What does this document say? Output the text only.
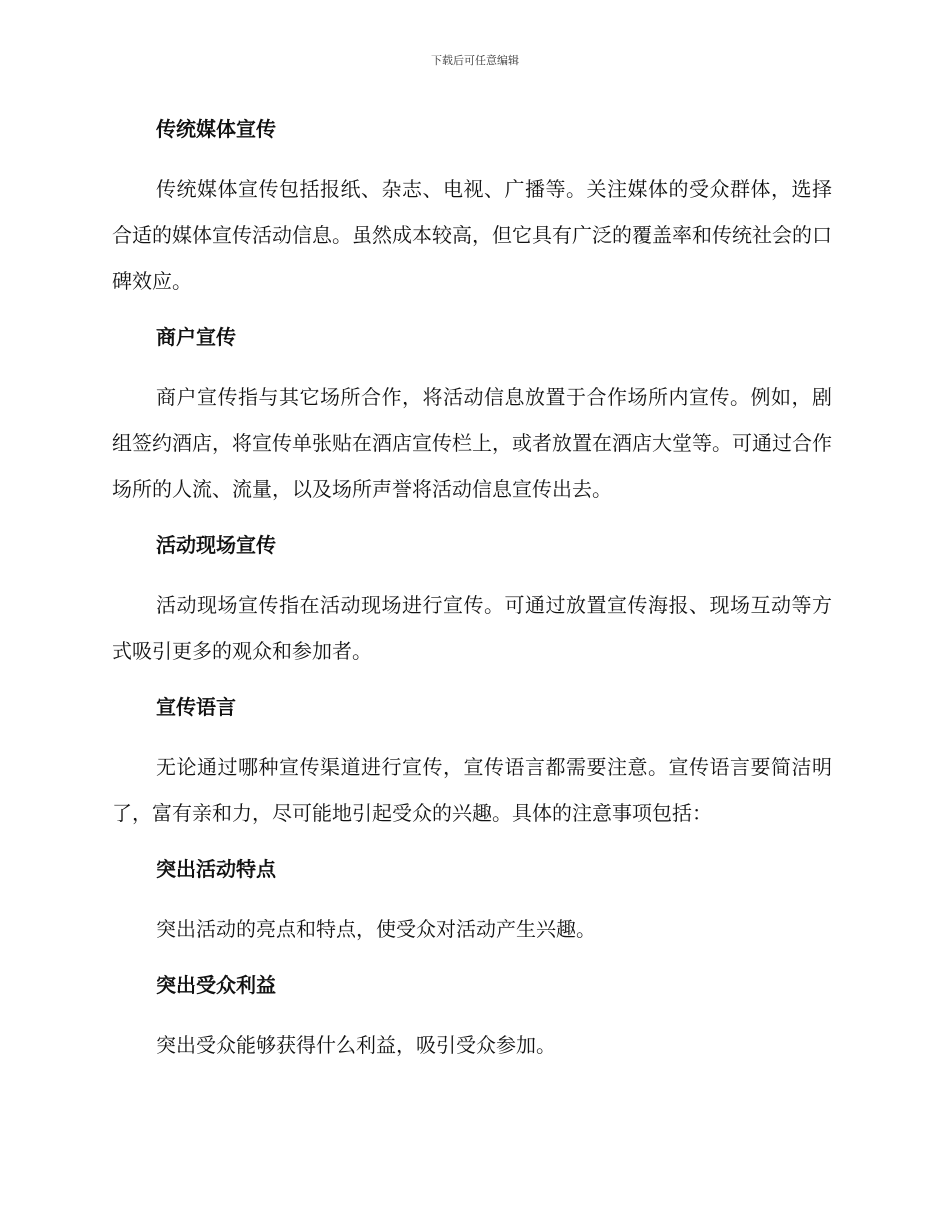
下载后可任意编辑
传统媒体宣传

传统媒体宣传包括报纸、杂志、电视、广播等。关注媒体的受众群体，选择合适的媒体宣传活动信息。虽然成本较高，但它具有广泛的覆盖率和传统社会的口碑效应。

商户宣传

商户宣传指与其它场所合作，将活动信息放置于合作场所内宣传。例如，剧组签约酒店，将宣传单张贴在酒店宣传栏上，或者放置在酒店大堂等。可通过合作场所的人流、流量，以及场所声誉将活动信息宣传出去。

活动现场宣传

活动现场宣传指在活动现场进行宣传。可通过放置宣传海报、现场互动等方式吸引更多的观众和参加者。

宣传语言

无论通过哪种宣传渠道进行宣传，宣传语言都需要注意。宣传语言要简洁明了，富有亲和力，尽可能地引起受众的兴趣。具体的注意事项包括：

突出活动特点

突出活动的亮点和特点，使受众对活动产生兴趣。

突出受众利益

突出受众能够获得什么利益，吸引受众参加。
